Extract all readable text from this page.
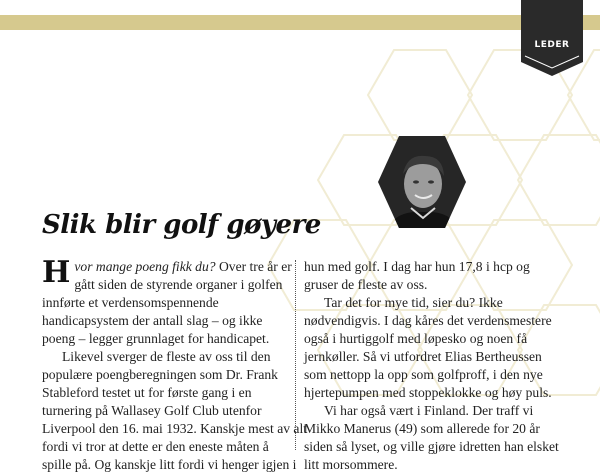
LEDER
Slik blir golf gøyere

Hvor mange poeng fikk du? Over tre år er

gått siden de styrende organer i golfen

innførte et verdensomspennende

handicapsystem der antall slag – og ikke

poeng – legger grunnlaget for handicapet.

Likevel sverger de fleste av oss til den

populære poengberegningen som Dr. Frank

Stableford testet ut for første gang i en

turnering på Wallasey Golf Club utenfor

Liverpool den 16. mai 1932. Kanskje mest av alt

fordi vi tror at dette er den eneste måten å

spille på. Og kanskje litt fordi vi henger igjen i

hun med golf. I dag har hun 17,8 i hcp og

gruser de fleste av oss.

Tar det for mye tid, sier du? Ikke

nødvendigvis. I dag kåres det verdensmestere

også i hurtiggolf med løpesko og noen få

jernkøller. Så vi utfordret Elias Bertheussen

som nettopp la opp som golfproff, i den nye

hjertepumpen med stoppeklokke og høy puls.

Vi har også vært i Finland. Der traff vi

Mikko Manerus (49) som allerede for 20 år

siden så lyset, og ville gjøre idretten han elsket

litt morsommere.
